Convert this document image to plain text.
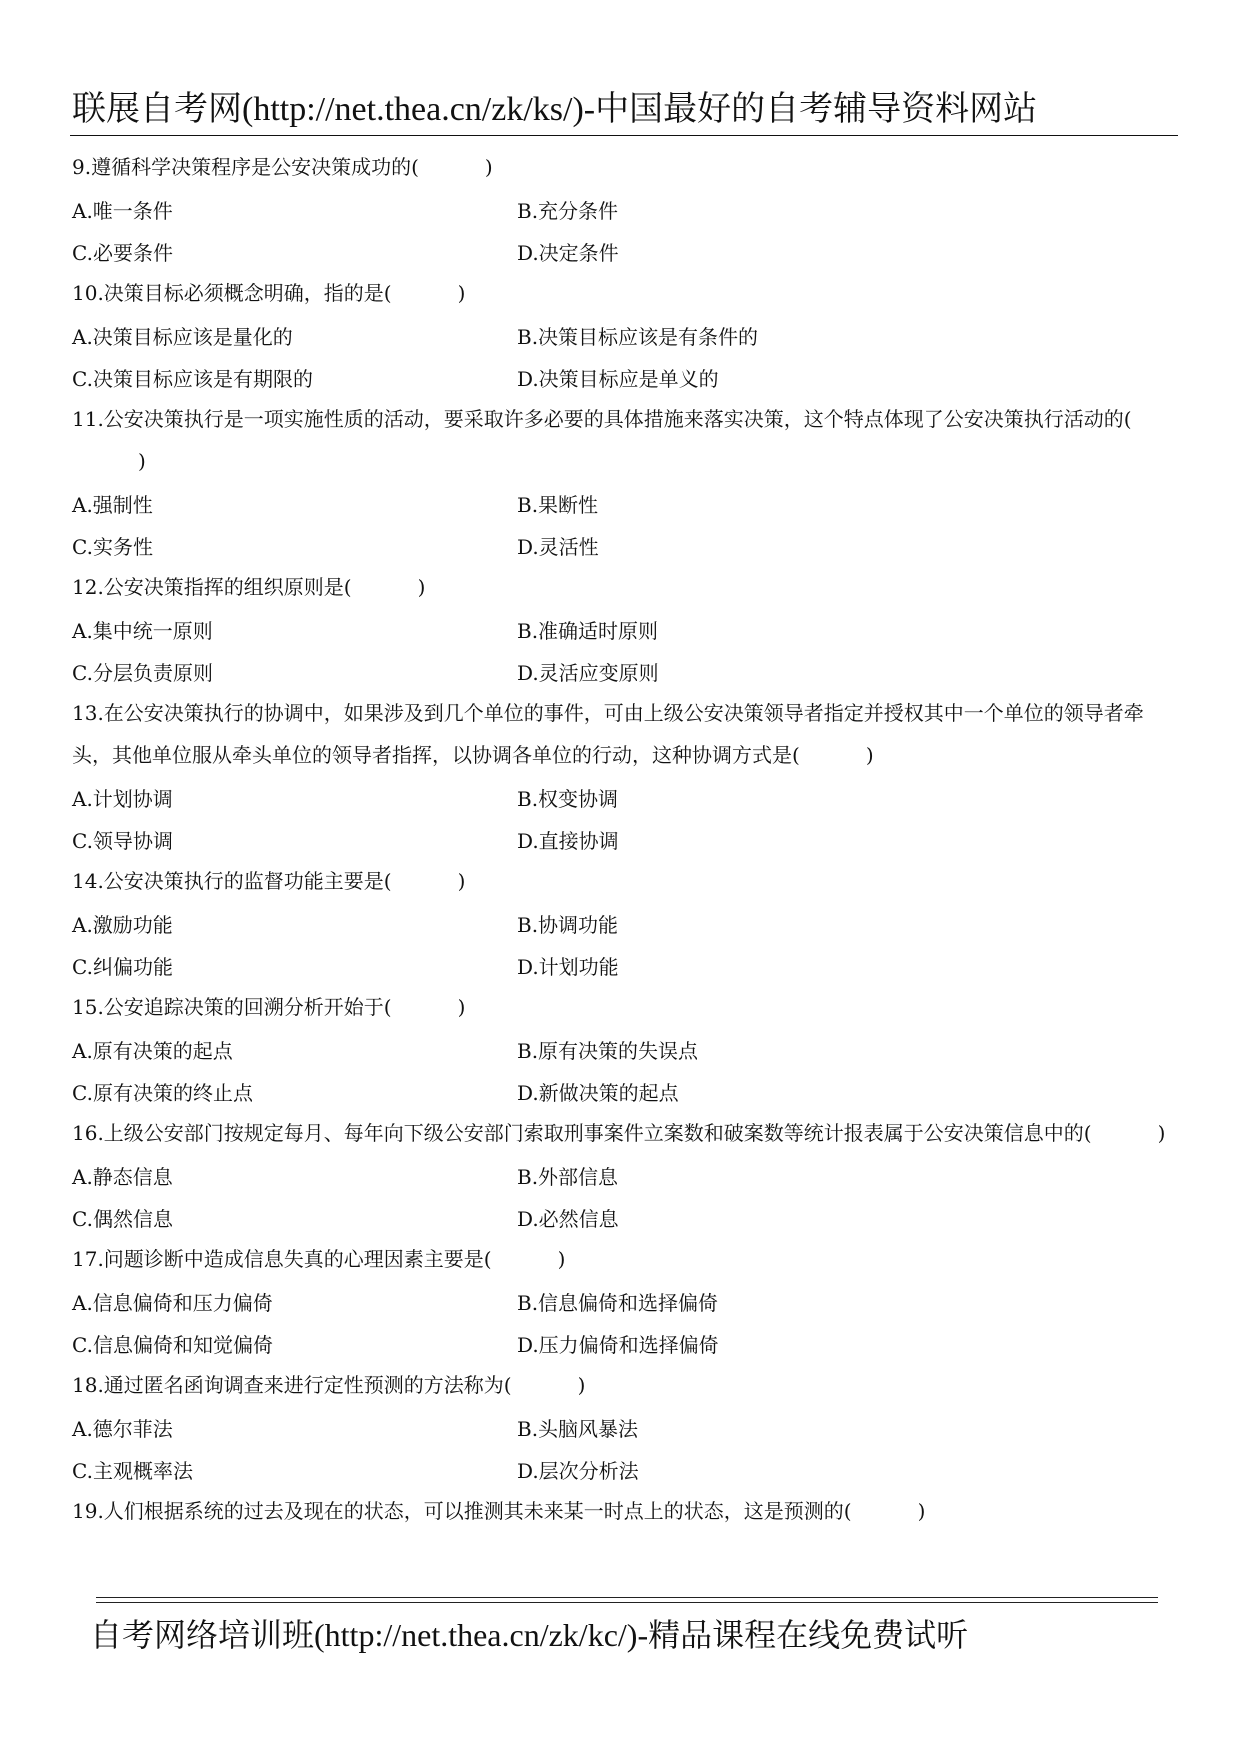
联展自考网(http://net.thea.cn/zk/ks/)-中国最好的自考辅导资料网站

9.遵循科学决策程序是公安决策成功的(	)

A.唯一条件	B.充分条件
C.必要条件	D.决定条件

10.决策目标必须概念明确，指的是(	)

A.决策目标应该是量化的	B.决策目标应该是有条件的
C.决策目标应该是有期限的	D.决策目标应是单义的

11.公安决策执行是一项实施性质的活动，要采取许多必要的具体措施来落实决策，这个特点体现了公安决策执行活动的()

A.强制性	B.果断性
C.实务性	D.灵活性

12.公安决策指挥的组织原则是(	)

A.集中统一原则	B.准确适时原则
C.分层负责原则	D.灵活应变原则

13.在公安决策执行的协调中，如果涉及到几个单位的事件，可由上级公安决策领导者指定并授权其中一个单位的领导者牵头，其他单位服从牵头单位的领导者指挥，以协调各单位的行动，这种协调方式是(	)

A.计划协调	B.权变协调
C.领导协调	D.直接协调

14.公安决策执行的监督功能主要是(	)

A.激励功能	B.协调功能
C.纠偏功能	D.计划功能

15.公安追踪决策的回溯分析开始于(	)

A.原有决策的起点	B.原有决策的失误点
C.原有决策的终止点	D.新做决策的起点

16.上级公安部门按规定每月、每年向下级公安部门索取刑事案件立案数和破案数等统计报表属于公安决策信息中的(	)

A.静态信息	B.外部信息
C.偶然信息	D.必然信息

17.问题诊断中造成信息失真的心理因素主要是(	)

A.信息偏倚和压力偏倚	B.信息偏倚和选择偏倚
C.信息偏倚和知觉偏倚	D.压力偏倚和选择偏倚

18.通过匿名函询调查来进行定性预测的方法称为(	)

A.德尔菲法	B.头脑风暴法
C.主观概率法	D.层次分析法

19.人们根据系统的过去及现在的状态，可以推测其未来某一时点上的状态，这是预测的(	)

自考网络培训班(http://net.thea.cn/zk/kc/)-精品课程在线免费试听
